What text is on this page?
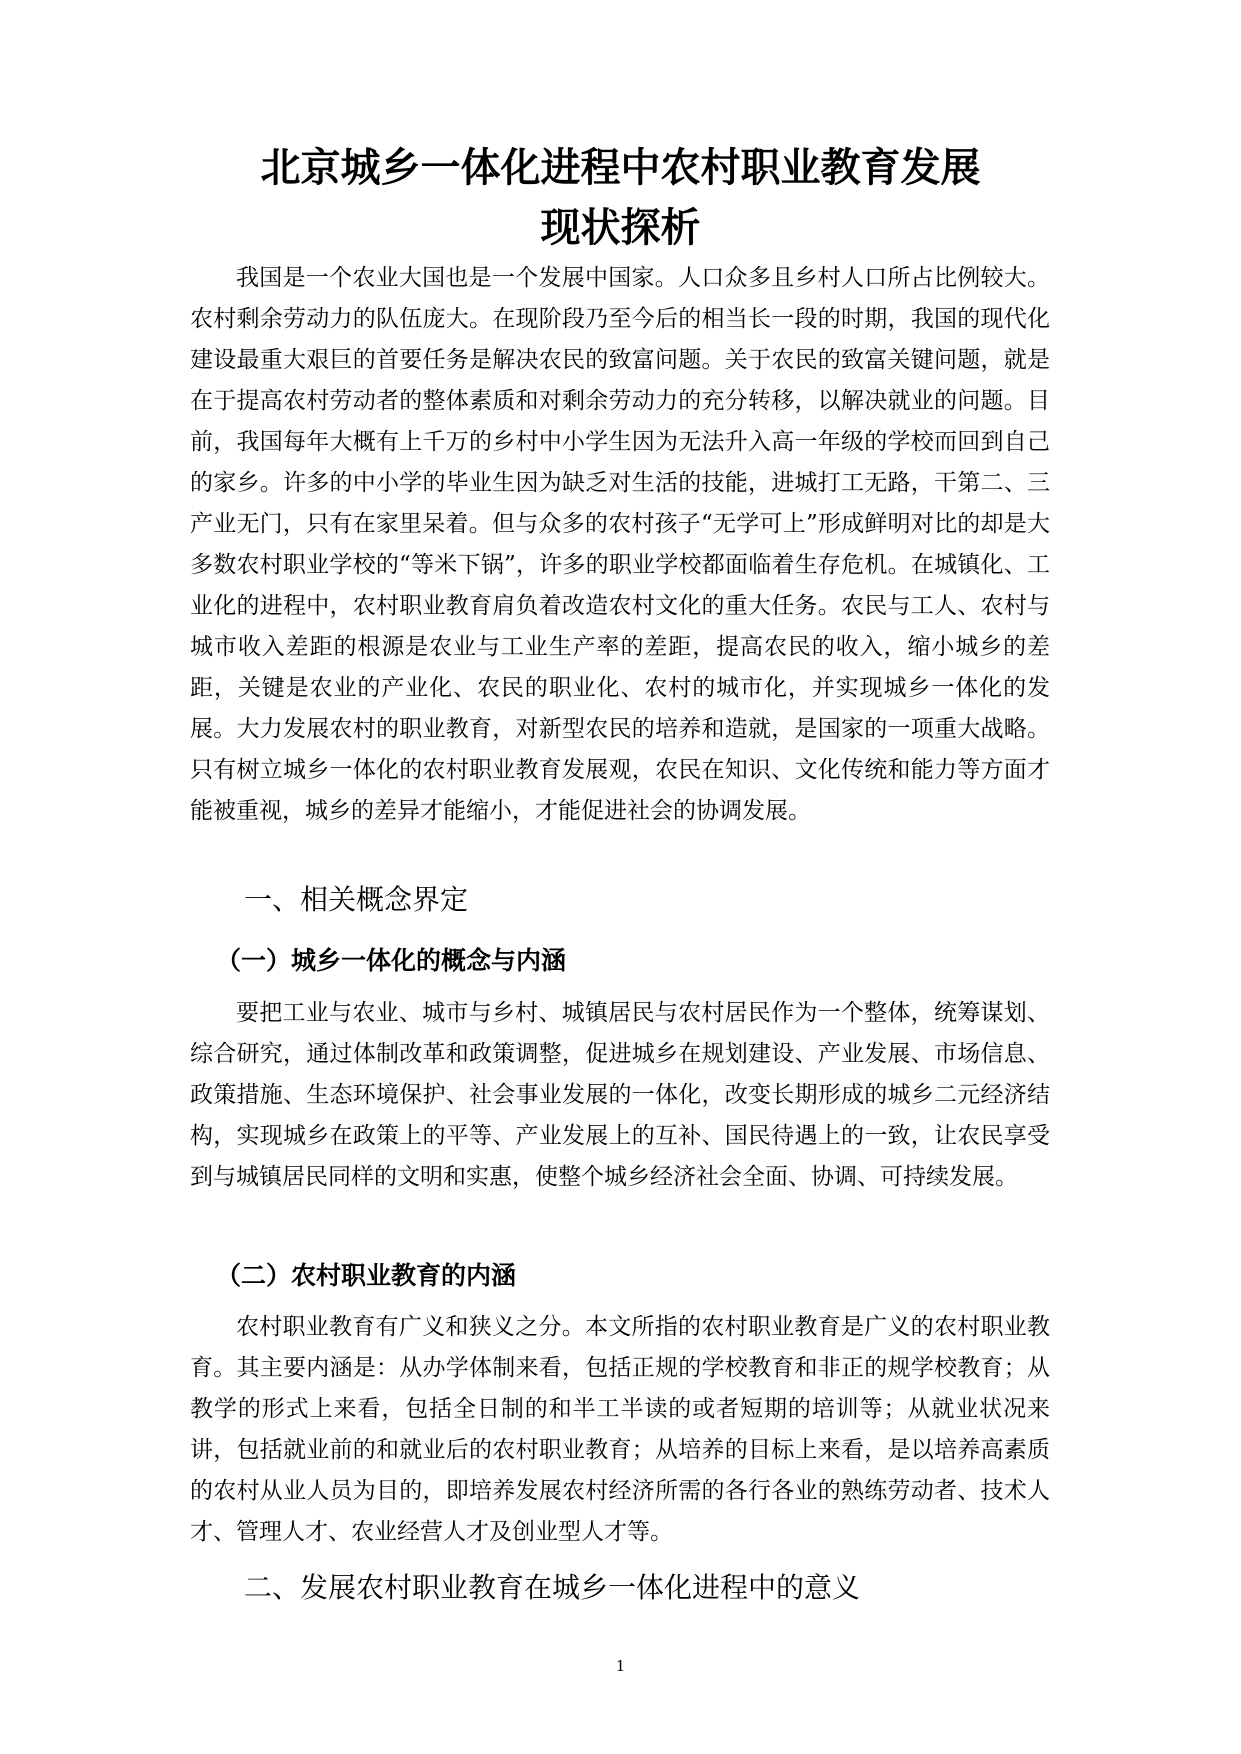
北京城乡一体化进程中农村职业教育发展
现状探析

我国是一个农业大国也是一个发展中国家。人口众多且乡村人口所占比例较大。农村剩余劳动力的队伍庞大。在现阶段乃至今后的相当长一段的时期，我国的现代化建设最重大艰巨的首要任务是解决农民的致富问题。关于农民的致富关键问题，就是在于提高农村劳动者的整体素质和对剩余劳动力的充分转移，以解决就业的问题。目前，我国每年大概有上千万的乡村中小学生因为无法升入高一年级的学校而回到自己的家乡。许多的中小学的毕业生因为缺乏对生活的技能，进城打工无路，干第二、三产业无门，只有在家里呆着。但与众多的农村孩子“无学可上”形成鲜明对比的却是大多数农村职业学校的“等米下锅”，许多的职业学校都面临着生存危机。在城镇化、工业化的进程中，农村职业教育肩负着改造农村文化的重大任务。农民与工人、农村与城市收入差距的根源是农业与工业生产率的差距，提高农民的收入，缩小城乡的差距，关键是农业的产业化、农民的职业化、农村的城市化，并实现城乡一体化的发展。大力发展农村的职业教育，对新型农民的培养和造就，是国家的一项重大战略。只有树立城乡一体化的农村职业教育发展观，农民在知识、文化传统和能力等方面才能被重视，城乡的差异才能缩小，才能促进社会的协调发展。

一、相关概念界定
（一）城乡一体化的概念与内涵

要把工业与农业、城市与乡村、城镇居民与农村居民作为一个整体，统筹谋划、综合研究，通过体制改革和政策调整，促进城乡在规划建设、产业发展、市场信息、政策措施、生态环境保护、社会事业发展的一体化，改变长期形成的城乡二元经济结构，实现城乡在政策上的平等、产业发展上的互补、国民待遇上的一致，让农民享受到与城镇居民同样的文明和实惠，使整个城乡经济社会全面、协调、可持续发展。

（二）农村职业教育的内涵

农村职业教育有广义和狭义之分。本文所指的农村职业教育是广义的农村职业教育。其主要内涵是：从办学体制来看，包括正规的学校教育和非正的规学校教育；从教学的形式上来看，包括全日制的和半工半读的或者短期的培训等；从就业状况来讲，包括就业前的和就业后的农村职业教育；从培养的目标上来看，是以培养高素质的农村从业人员为目的，即培养发展农村经济所需的各行各业的熟练劳动者、技术人才、管理人才、农业经营人才及创业型人才等。

二、发展农村职业教育在城乡一体化进程中的意义
1
